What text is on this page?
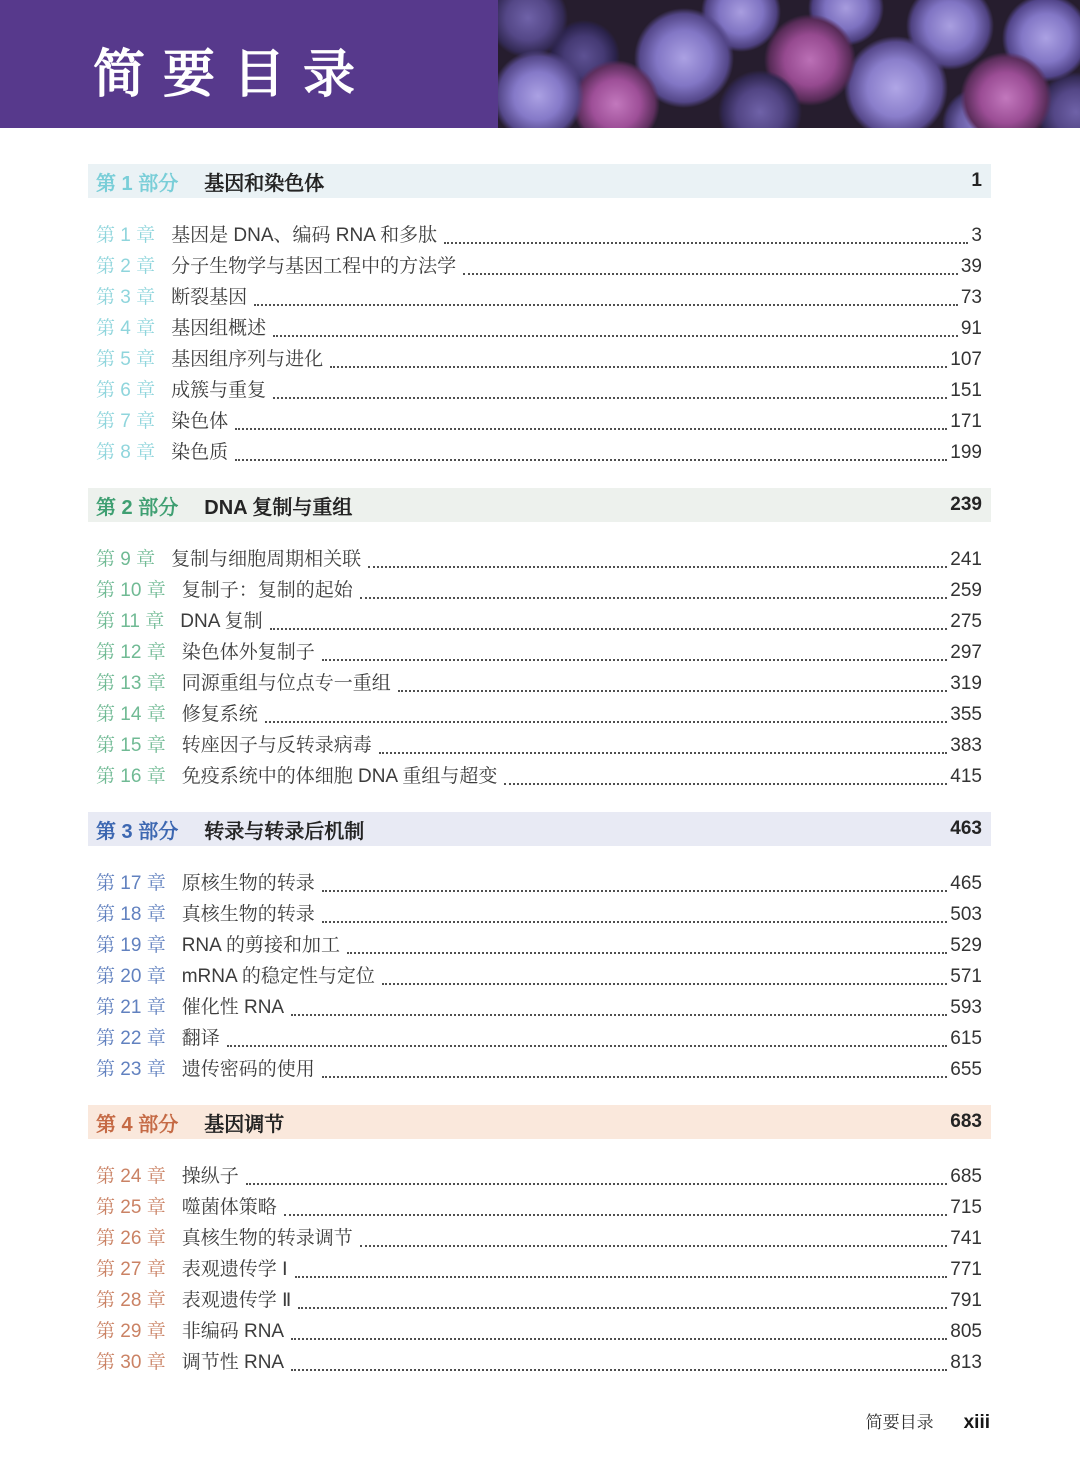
简要目录
第 1 部分 基因和染色体	1
第 1 章 基因是 DNA、编码 RNA 和多肽	3
第 2 章 分子生物学与基因工程中的方法学	39
第 3 章 断裂基因	73
第 4 章 基因组概述	91
第 5 章 基因组序列与进化	107
第 6 章 成簇与重复	151
第 7 章 染色体	171
第 8 章 染色质	199
第 2 部分 DNA 复制与重组	239
第 9 章 复制与细胞周期相关联	241
第 10 章 复制子：复制的起始	259
第 11 章 DNA 复制	275
第 12 章 染色体外复制子	297
第 13 章 同源重组与位点专一重组	319
第 14 章 修复系统	355
第 15 章 转座因子与反转录病毒	383
第 16 章 免疫系统中的体细胞 DNA 重组与超变	415
第 3 部分 转录与转录后机制	463
第 17 章 原核生物的转录	465
第 18 章 真核生物的转录	503
第 19 章 RNA 的剪接和加工	529
第 20 章 mRNA 的稳定性与定位	571
第 21 章 催化性 RNA	593
第 22 章 翻译	615
第 23 章 遗传密码的使用	655
第 4 部分 基因调节	683
第 24 章 操纵子	685
第 25 章 噬菌体策略	715
第 26 章 真核生物的转录调节	741
第 27 章 表观遗传学 Ⅰ	771
第 28 章 表观遗传学 Ⅱ	791
第 29 章 非编码 RNA	805
第 30 章 调节性 RNA	813
简要目录 xiii
